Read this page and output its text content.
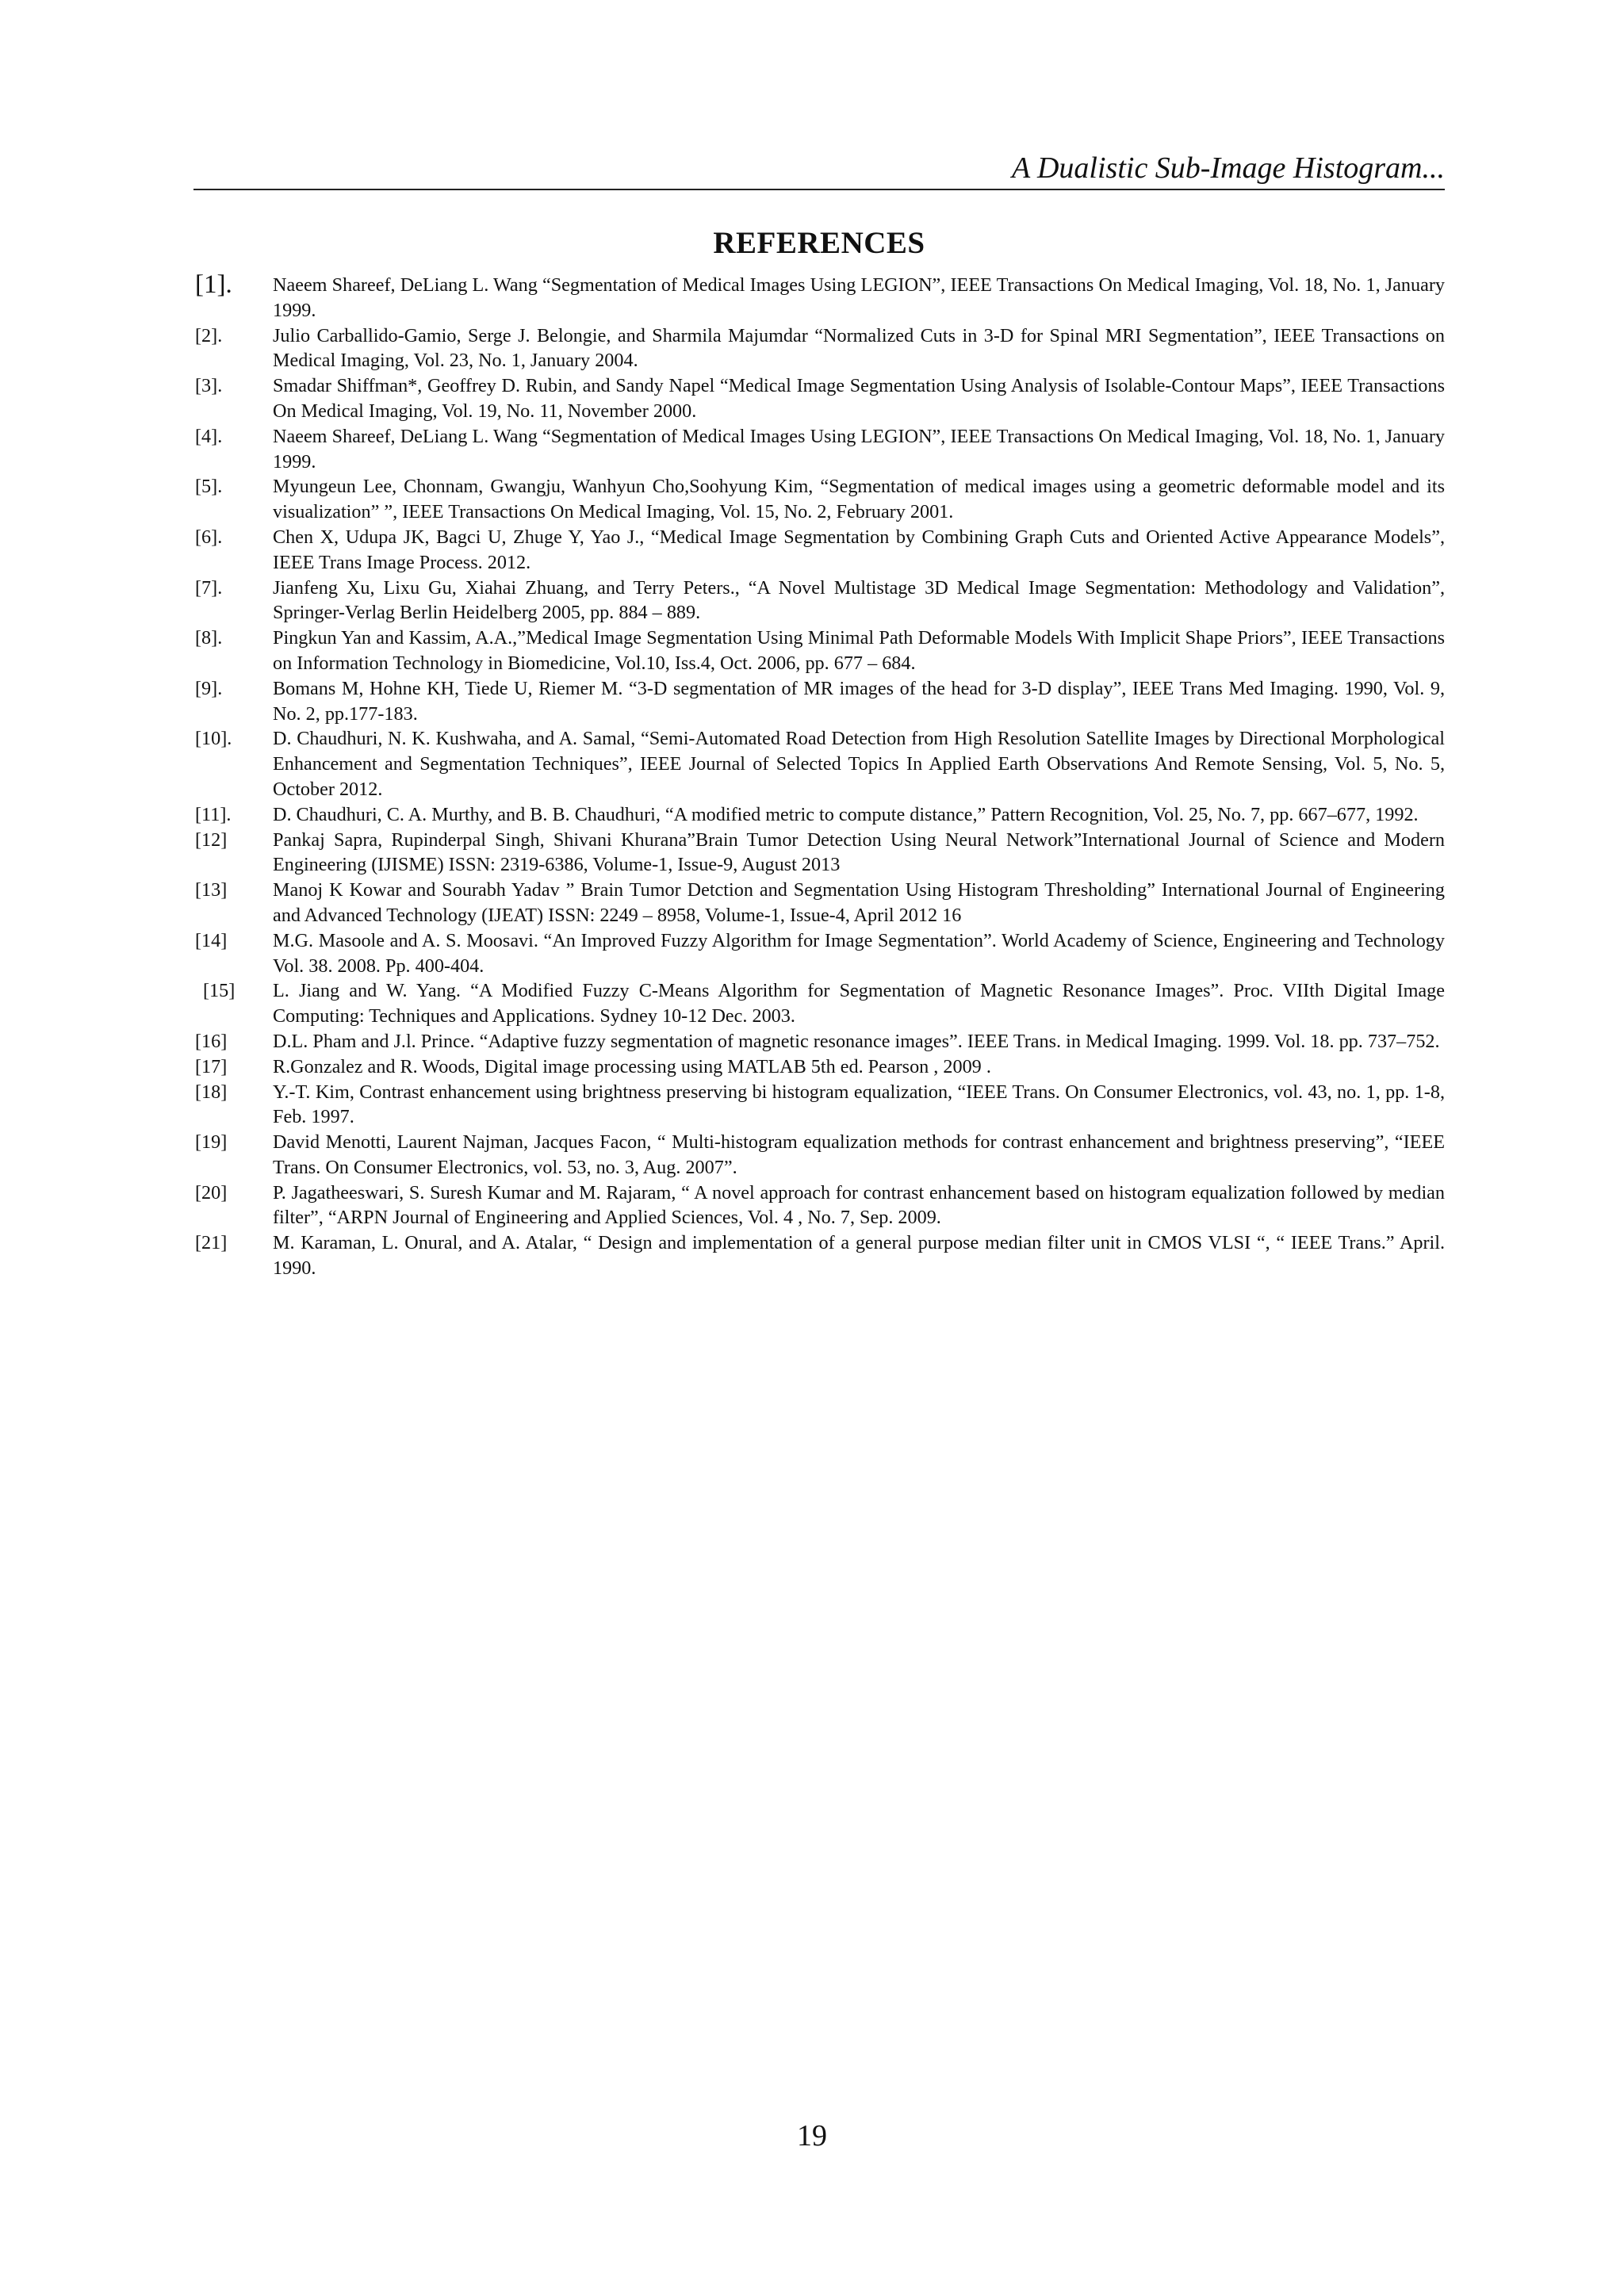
A Dualistic Sub-Image Histogram...
REFERENCES
[1].	Naeem Shareef, DeLiang L. Wang “Segmentation of Medical Images Using LEGION”, IEEE Transactions On Medical Imaging, Vol. 18, No. 1, January 1999.
[2].	Julio Carballido-Gamio, Serge J. Belongie, and Sharmila Majumdar “Normalized Cuts in 3-D for Spinal MRI Segmentation”, IEEE Transactions on Medical Imaging, Vol. 23, No. 1, January 2004.
[3].	Smadar Shiffman*, Geoffrey D. Rubin, and Sandy Napel “Medical Image Segmentation Using Analysis of Isolable-Contour Maps”, IEEE Transactions On Medical Imaging, Vol. 19, No. 11, November 2000.
[4].	Naeem Shareef, DeLiang L. Wang “Segmentation of Medical Images Using LEGION”, IEEE Transactions On Medical Imaging, Vol. 18, No. 1, January 1999.
[5].	Myungeun Lee, Chonnam, Gwangju, Wanhyun Cho,Soohyung Kim, “Segmentation of medical images using a geometric deformable model and its visualization” ”, IEEE Transactions On Medical Imaging, Vol. 15, No. 2, February 2001.
[6].	Chen X, Udupa JK, Bagci U, Zhuge Y, Yao J., “Medical Image Segmentation by Combining Graph Cuts and Oriented Active Appearance Models”, IEEE Trans Image Process. 2012.
[7].	Jianfeng Xu, Lixu Gu, Xiahai Zhuang, and Terry Peters., “A Novel Multistage 3D Medical Image Segmentation: Methodology and Validation”, Springer-Verlag Berlin Heidelberg 2005, pp. 884 – 889.
[8].	Pingkun Yan and Kassim, A.A.,”Medical Image Segmentation Using Minimal Path Deformable Models With Implicit Shape Priors”, IEEE Transactions on Information Technology in Biomedicine, Vol.10, Iss.4, Oct. 2006, pp. 677 – 684.
[9].	Bomans M, Hohne KH, Tiede U, Riemer M. “3-D segmentation of MR images of the head for 3-D display”, IEEE Trans Med Imaging. 1990, Vol. 9, No. 2, pp.177-183.
[10].	D. Chaudhuri, N. K. Kushwaha, and A. Samal, “Semi-Automated Road Detection from High Resolution Satellite Images by Directional Morphological Enhancement and Segmentation Techniques”, IEEE Journal of Selected Topics In Applied Earth Observations And Remote Sensing, Vol. 5, No. 5, October 2012.
[11].	D. Chaudhuri, C. A. Murthy, and B. B. Chaudhuri, “A modified metric to compute distance,” Pattern Recognition, Vol. 25, No. 7, pp. 667–677, 1992.
[12]	Pankaj Sapra, Rupinderpal Singh, Shivani Khurana”Brain Tumor Detection Using Neural Network”International Journal of Science and Modern Engineering (IJISME) ISSN: 2319-6386, Volume-1, Issue-9, August 2013
[13]	Manoj K Kowar and Sourabh Yadav ” Brain Tumor Detction and Segmentation Using Histogram Thresholding” International Journal of Engineering and Advanced Technology (IJEAT) ISSN: 2249 – 8958, Volume-1, Issue-4, April 2012 16
[14]	M.G. Masoole and A. S. Moosavi. “An Improved Fuzzy Algorithm for Image Segmentation”. World Academy of Science, Engineering and Technology Vol. 38. 2008. Pp. 400-404.
[15]	L. Jiang and W. Yang. “A Modified Fuzzy C-Means Algorithm for Segmentation of Magnetic Resonance Images”. Proc. VIIth Digital Image Computing: Techniques and Applications. Sydney 10-12 Dec. 2003.
[16]	D.L. Pham and J.l. Prince. “Adaptive fuzzy segmentation of magnetic resonance images”. IEEE Trans. in Medical Imaging. 1999. Vol. 18. pp. 737–752.
[17]	R.Gonzalez and R. Woods, Digital image processing using MATLAB 5th ed. Pearson , 2009 .
[18]	Y.-T. Kim, Contrast enhancement using brightness preserving bi histogram equalization, “IEEE Trans. On Consumer Electronics, vol. 43, no. 1, pp. 1-8, Feb. 1997.
[19]	David Menotti, Laurent Najman, Jacques Facon, “ Multi-histogram equalization methods for contrast enhancement and brightness preserving”, “IEEE Trans. On Consumer Electronics, vol. 53, no. 3, Aug. 2007”.
[20]	P. Jagatheeswari, S. Suresh Kumar and M. Rajaram, “ A novel approach for contrast enhancement based on histogram equalization followed by median filter”, “ARPN Journal of Engineering and Applied Sciences, Vol. 4 , No. 7, Sep. 2009.
[21]	M. Karaman, L. Onural, and A. Atalar, “ Design and implementation of a general purpose median filter unit in CMOS VLSI “, “ IEEE Trans.” April. 1990.
19
